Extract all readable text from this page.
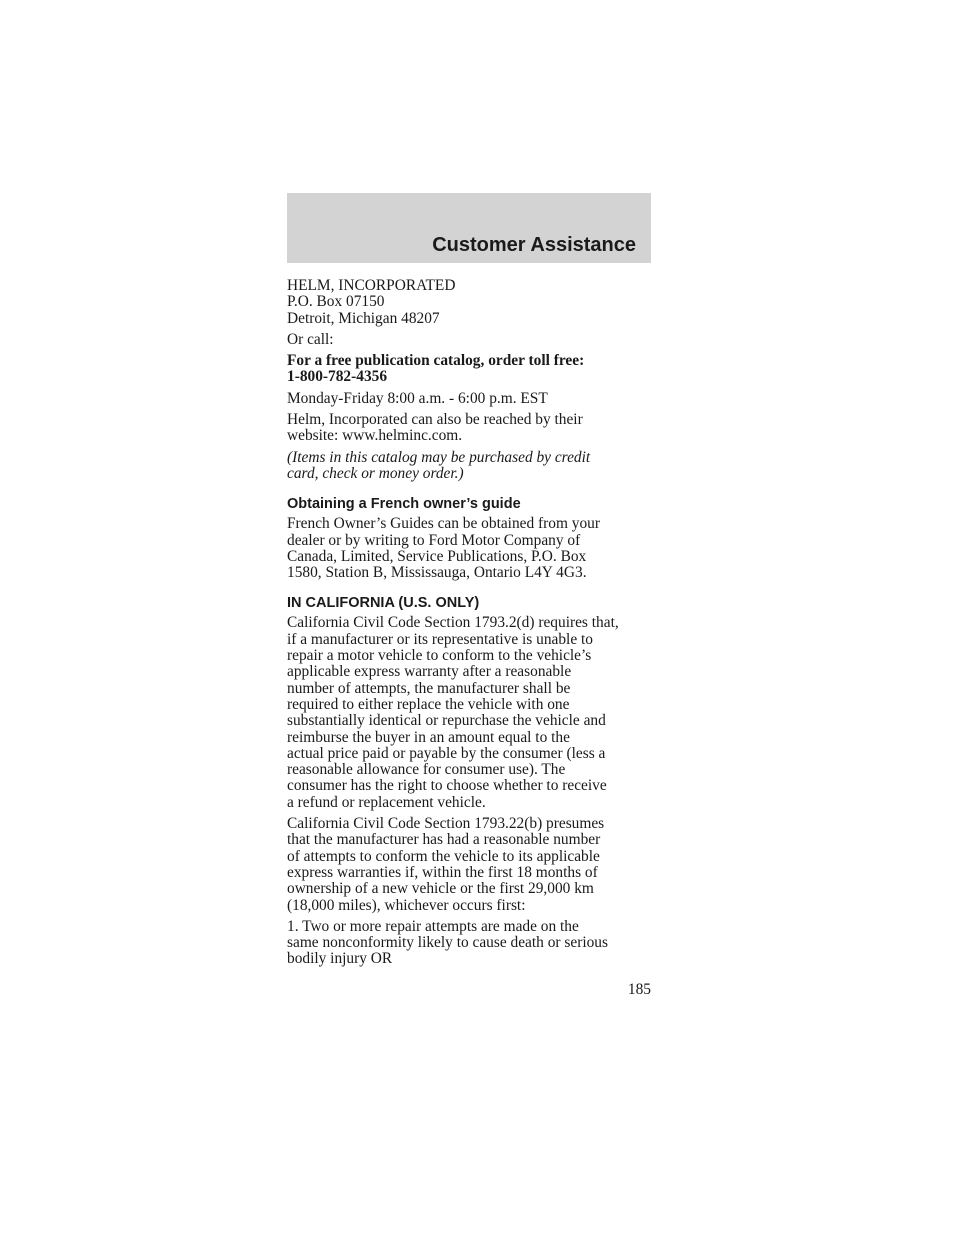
Customer Assistance

HELM, INCORPORATED
P.O. Box 07150
Detroit, Michigan 48207

Or call:

For a free publication catalog, order toll free:
1-800-782-4356

Monday-Friday 8:00 a.m. - 6:00 p.m. EST

Helm, Incorporated can also be reached by their
website: www.helminc.com.

(Items in this catalog may be purchased by credit
card, check or money order.)

Obtaining a French owner’s guide

French Owner’s Guides can be obtained from your
dealer or by writing to Ford Motor Company of
Canada, Limited, Service Publications, P.O. Box
1580, Station B, Mississauga, Ontario L4Y 4G3.

IN CALIFORNIA (U.S. ONLY)

California Civil Code Section 1793.2(d) requires that,
if a manufacturer or its representative is unable to
repair a motor vehicle to conform to the vehicle’s
applicable express warranty after a reasonable
number of attempts, the manufacturer shall be
required to either replace the vehicle with one
substantially identical or repurchase the vehicle and
reimburse the buyer in an amount equal to the
actual price paid or payable by the consumer (less a
reasonable allowance for consumer use). The
consumer has the right to choose whether to receive
a refund or replacement vehicle.

California Civil Code Section 1793.22(b) presumes
that the manufacturer has had a reasonable number
of attempts to conform the vehicle to its applicable
express warranties if, within the first 18 months of
ownership of a new vehicle or the first 29,000 km
(18,000 miles), whichever occurs first:

1. Two or more repair attempts are made on the
same nonconformity likely to cause death or serious
bodily injury OR

185
